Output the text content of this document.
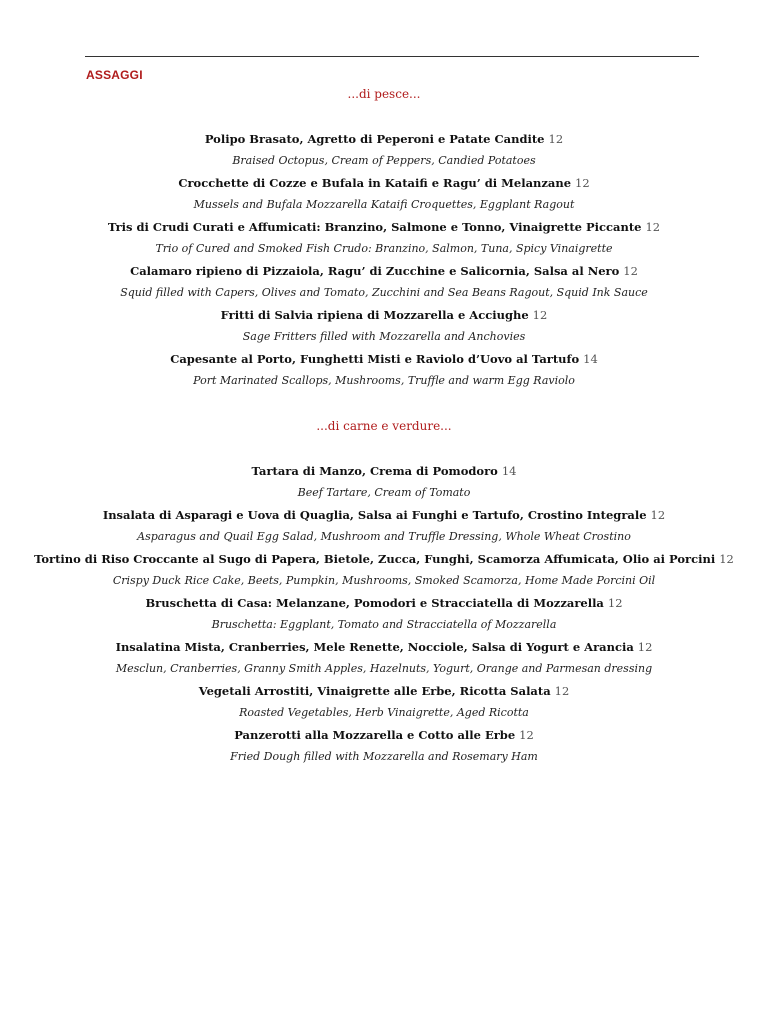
ASSAGGI
...di pesce...
Polipo Brasato, Agretto di Peperoni e Patate Candite 12
Braised Octopus, Cream of Peppers, Candied Potatoes
Crocchette di Cozze e Bufala in Kataifi e Ragu’ di Melanzane 12
Mussels and Bufala Mozzarella Kataifi Croquettes, Eggplant Ragout
Tris di Crudi Curati e Affumicati: Branzino, Salmone e Tonno, Vinaigrette Piccante 12
Trio of Cured and Smoked Fish Crudo: Branzino, Salmon, Tuna, Spicy Vinaigrette
Calamaro ripieno di Pizzaiola, Ragu’ di Zucchine e Salicornia, Salsa al Nero 12
Squid filled with Capers, Olives and Tomato, Zucchini and Sea Beans Ragout, Squid Ink Sauce
Fritti di Salvia ripiena di Mozzarella e Acciughe 12
Sage Fritters filled with Mozzarella and Anchovies
Capesante al Porto, Funghetti Misti e Raviolo d’Uovo al Tartufo 14
Port Marinated Scallops, Mushrooms, Truffle and warm Egg Raviolo
...di carne e verdure...
Tartara di Manzo, Crema di Pomodoro 14
Beef Tartare, Cream of Tomato
Insalata di Asparagi e Uova di Quaglia, Salsa ai Funghi e Tartufo, Crostino Integrale 12
Asparagus and Quail Egg Salad, Mushroom and Truffle Dressing, Whole Wheat Crostino
Tortino di Riso Croccante al Sugo di Papera, Bietole, Zucca, Funghi, Scamorza Affumicata, Olio ai Porcini 12
Crispy Duck Rice Cake, Beets, Pumpkin, Mushrooms, Smoked Scamorza, Home Made Porcini Oil
Bruschetta di Casa: Melanzane, Pomodori e Stracciatella di Mozzarella 12
Bruschetta: Eggplant, Tomato and Stracciatella of Mozzarella
Insalatina Mista, Cranberries, Mele Renette, Nocciole, Salsa di Yogurt e Arancia 12
Mesclun, Cranberries, Granny Smith Apples, Hazelnuts, Yogurt, Orange and Parmesan dressing
Vegetali Arrostiti, Vinaigrette alle Erbe, Ricotta Salata 12
Roasted Vegetables, Herb Vinaigrette, Aged Ricotta
Panzerotti alla Mozzarella e Cotto alle Erbe 12
Fried Dough filled with Mozzarella and Rosemary Ham
